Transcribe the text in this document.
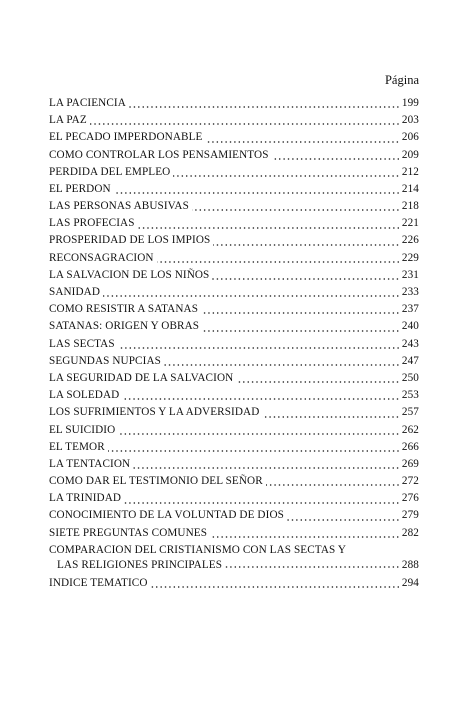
Página
LA PACIENCIA	199
LA PAZ	203
EL PECADO IMPERDONABLE	206
COMO CONTROLAR LOS PENSAMIENTOS	209
PERDIDA DEL EMPLEO	212
EL PERDON	214
LAS PERSONAS ABUSIVAS	218
LAS PROFECIAS	221
PROSPERIDAD DE LOS IMPIOS	226
RECONSAGRACION	229
LA SALVACION DE LOS NIÑOS	231
SANIDAD	233
COMO RESISTIR A SATANAS	237
SATANAS: ORIGEN Y OBRAS	240
LAS SECTAS	243
SEGUNDAS NUPCIAS	247
LA SEGURIDAD DE LA SALVACION	250
LA SOLEDAD	253
LOS SUFRIMIENTOS Y LA ADVERSIDAD	257
EL SUICIDIO	262
EL TEMOR	266
LA TENTACION	269
COMO DAR EL TESTIMONIO DEL SEÑOR	272
LA TRINIDAD	276
CONOCIMIENTO DE LA VOLUNTAD DE DIOS	279
SIETE PREGUNTAS COMUNES	282
COMPARACION DEL CRISTIANISMO CON LAS SECTAS Y
LAS RELIGIONES PRINCIPALES	288
INDICE TEMATICO	294
